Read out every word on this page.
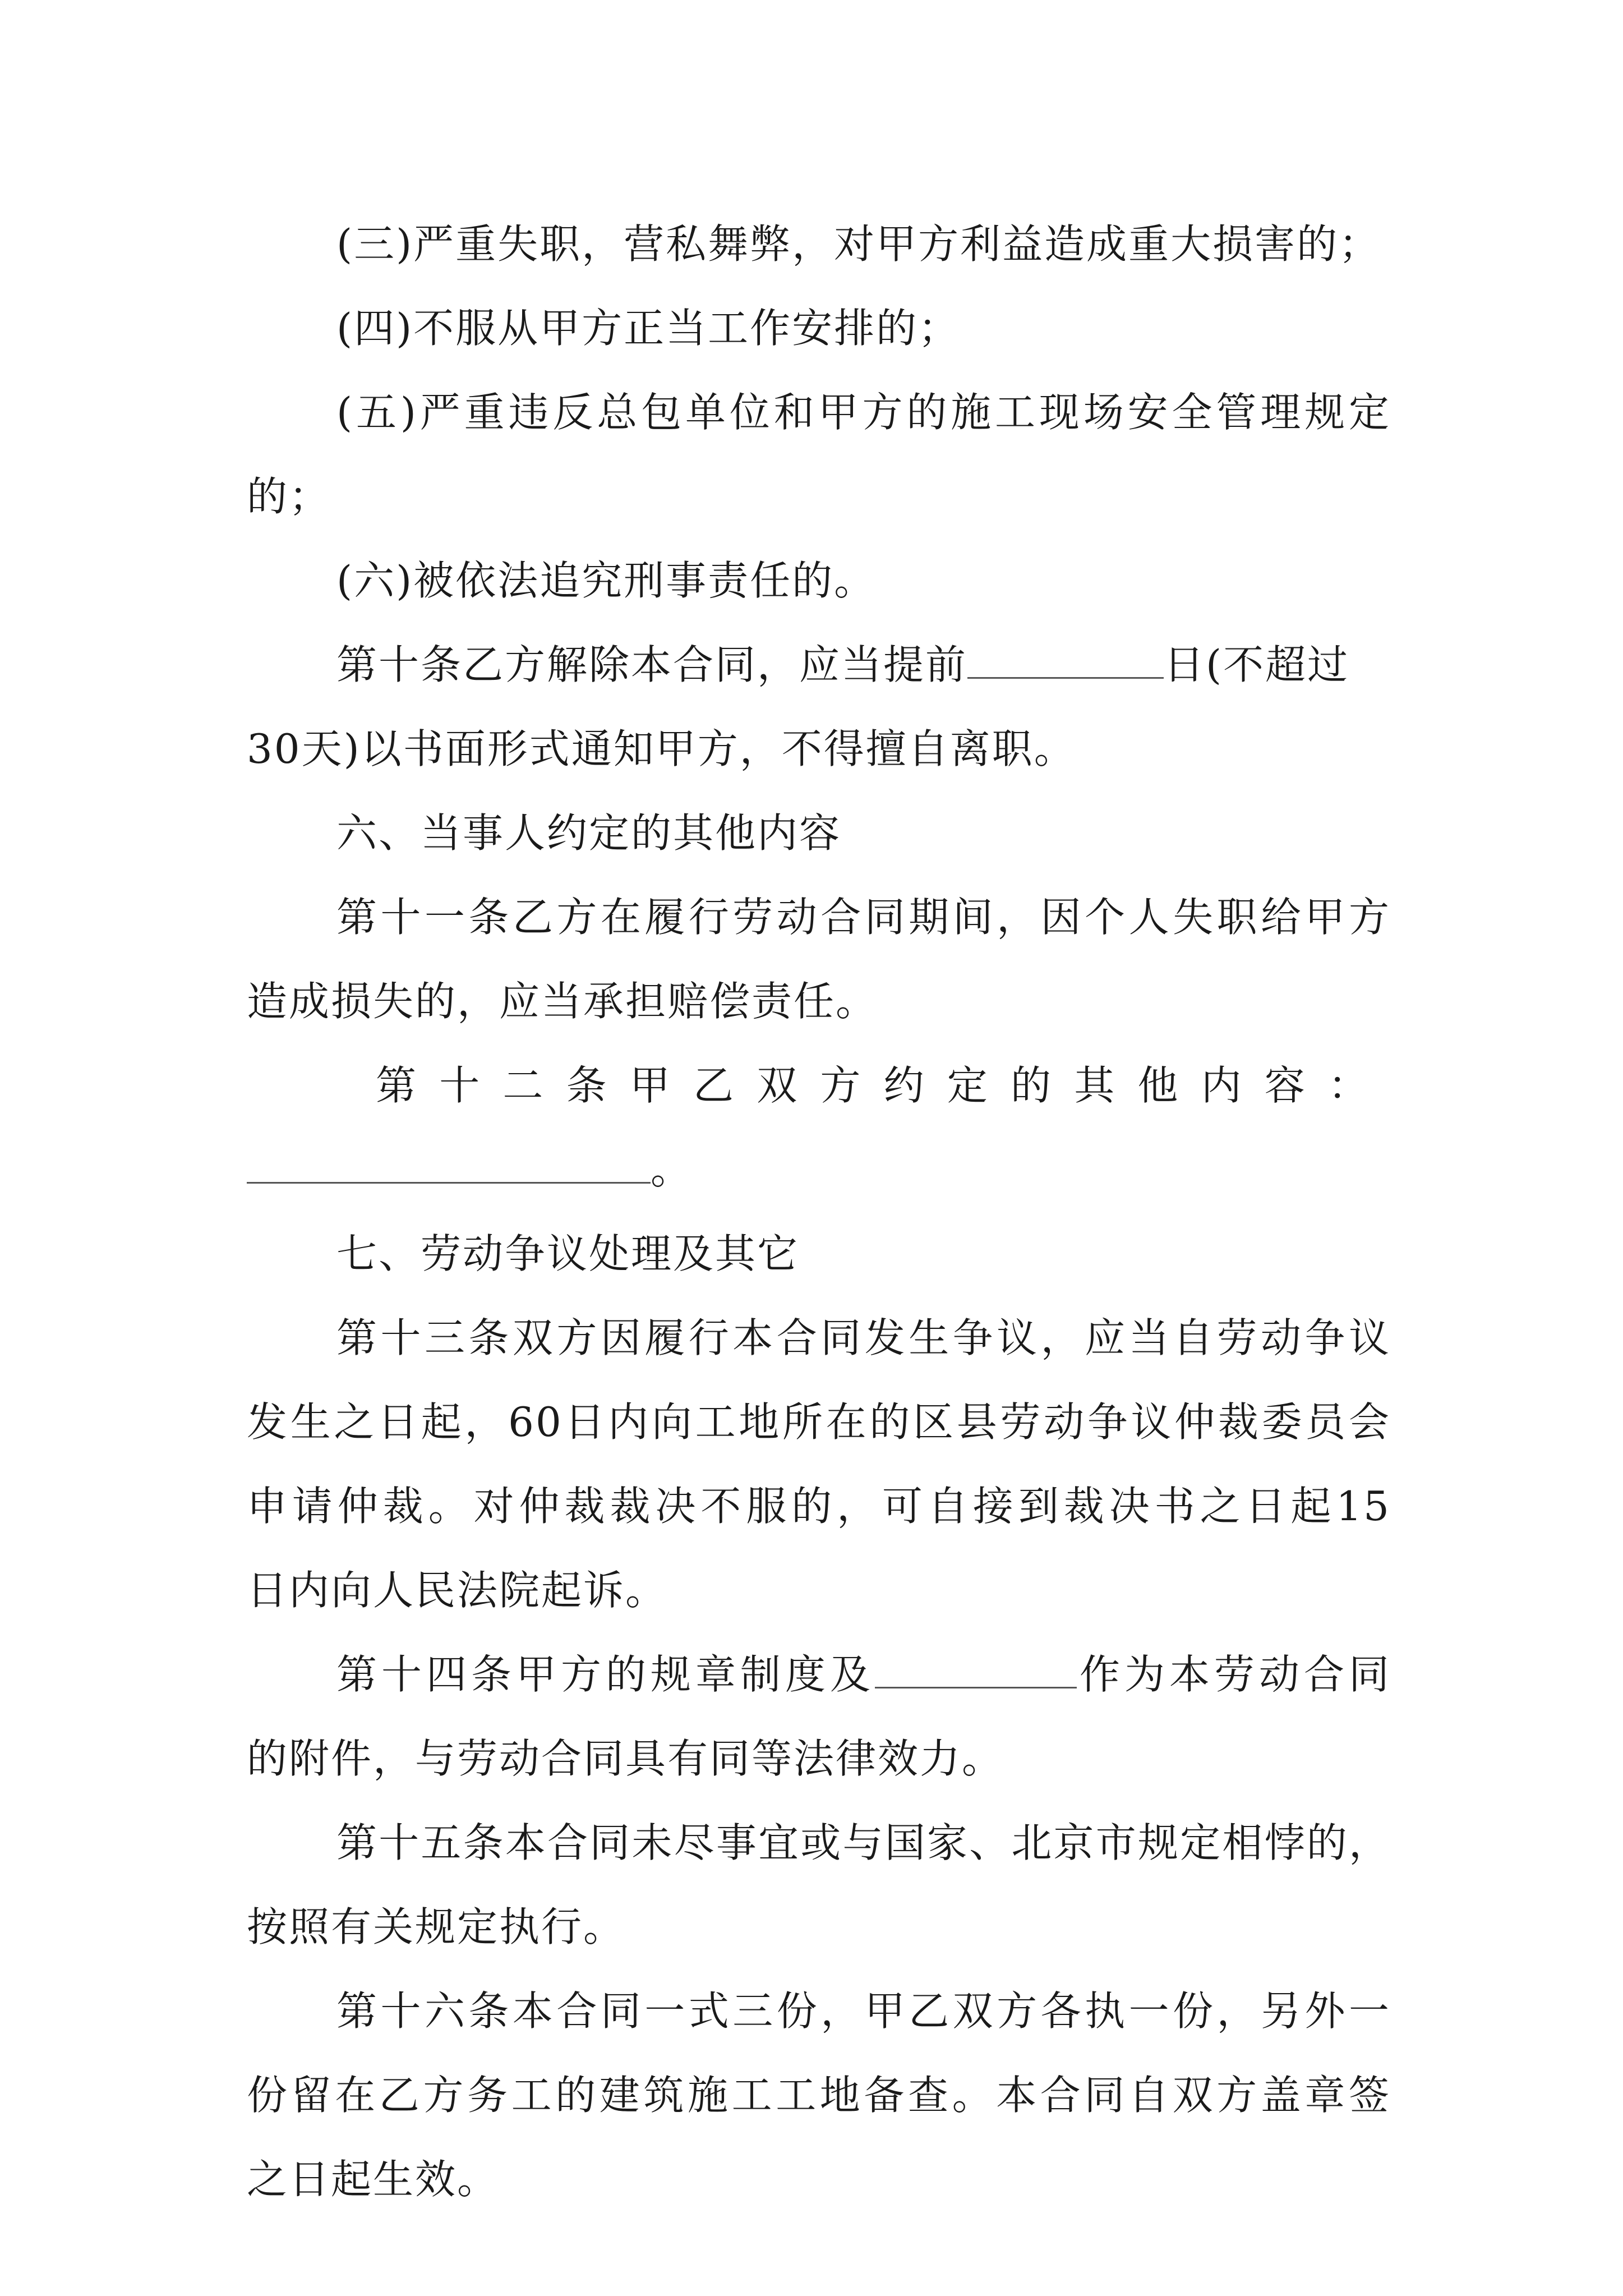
(三)严重失职，营私舞弊，对甲方利益造成重大损害的；
(四)不服从甲方正当工作安排的；
(五)严重违反总包单位和甲方的施工现场安全管理规定
的；
(六)被依法追究刑事责任的。
第十条乙方解除本合同，应当提前	日(不超过
30天)以书面形式通知甲方，不得擅自离职。
六、当事人约定的其他内容
第十一条乙方在履行劳动合同期间，因个人失职给甲方
造成损失的，应当承担赔偿责任。
第十二条甲乙双方约定的其他内容：
。
七、劳动争议处理及其它
第十三条双方因履行本合同发生争议，应当自劳动争议
发生之日起，60日内向工地所在的区县劳动争议仲裁委员会
申请仲裁。对仲裁裁决不服的，可自接到裁决书之日起15
日内向人民法院起诉。
第十四条甲方的规章制度及	作为本劳动合同
的附件，与劳动合同具有同等法律效力。
第十五条本合同未尽事宜或与国家、北京市规定相悖的，
按照有关规定执行。
第十六条本合同一式三份，甲乙双方各执一份，另外一
份留在乙方务工的建筑施工工地备查。本合同自双方盖章签
之日起生效。
